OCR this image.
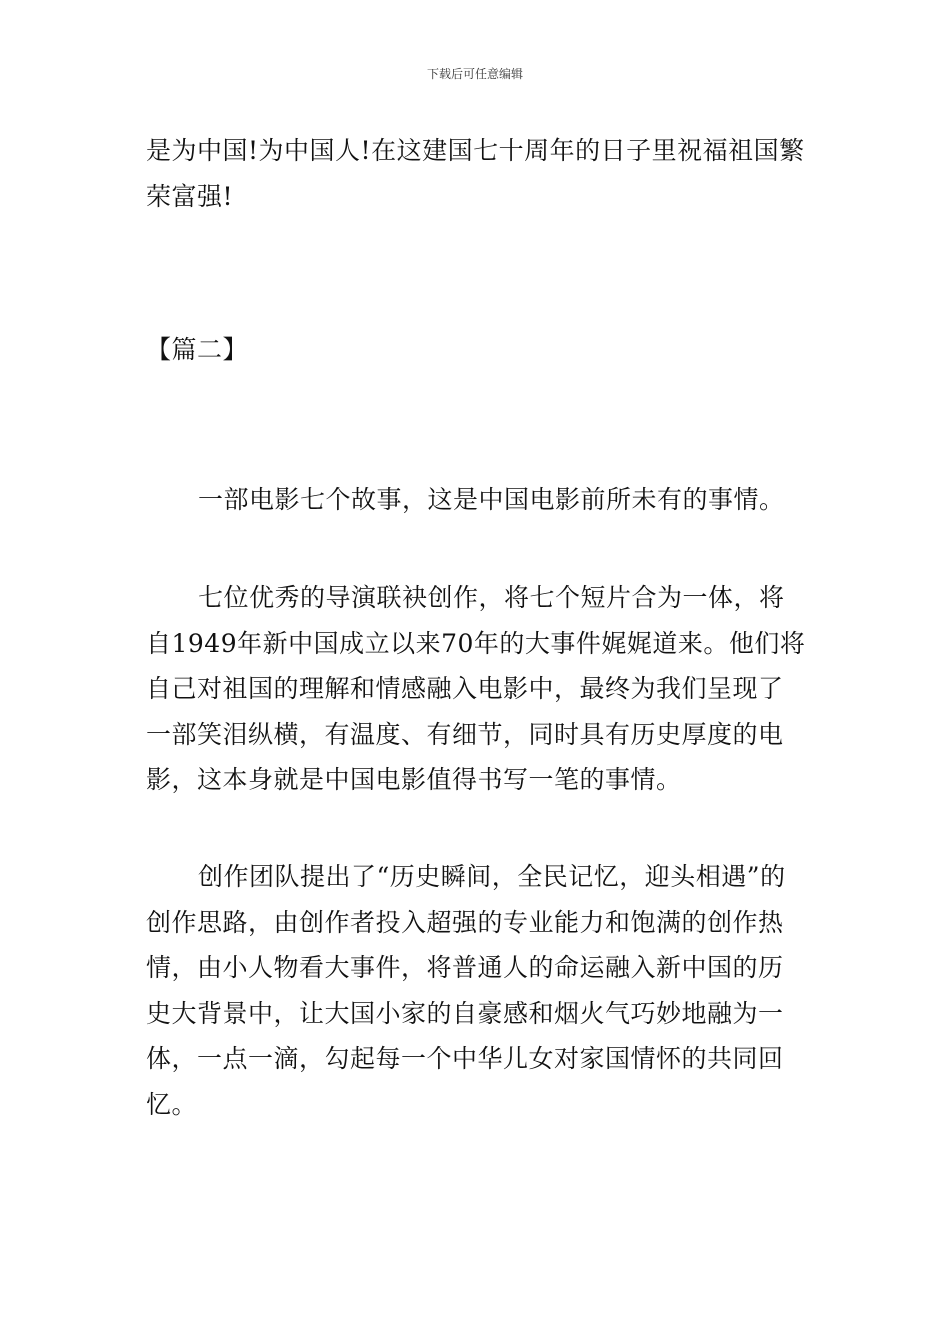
下载后可任意编辑

是为中国!为中国人!在这建国七十周年的日子里祝福祖国繁荣富强!

【篇二】

一部电影七个故事，这是中国电影前所未有的事情。

七位优秀的导演联袂创作，将七个短片合为一体，将自1949年新中国成立以来70年的大事件娓娓道来。他们将自己对祖国的理解和情感融入电影中，最终为我们呈现了一部笑泪纵横，有温度、有细节，同时具有历史厚度的电影，这本身就是中国电影值得书写一笔的事情。

创作团队提出了“历史瞬间，全民记忆，迎头相遇”的创作思路，由创作者投入超强的专业能力和饱满的创作热情，由小人物看大事件，将普通人的命运融入新中国的历史大背景中，让大国小家的自豪感和烟火气巧妙地融为一体，一点一滴，勾起每一个中华儿女对家国情怀的共同回忆。
